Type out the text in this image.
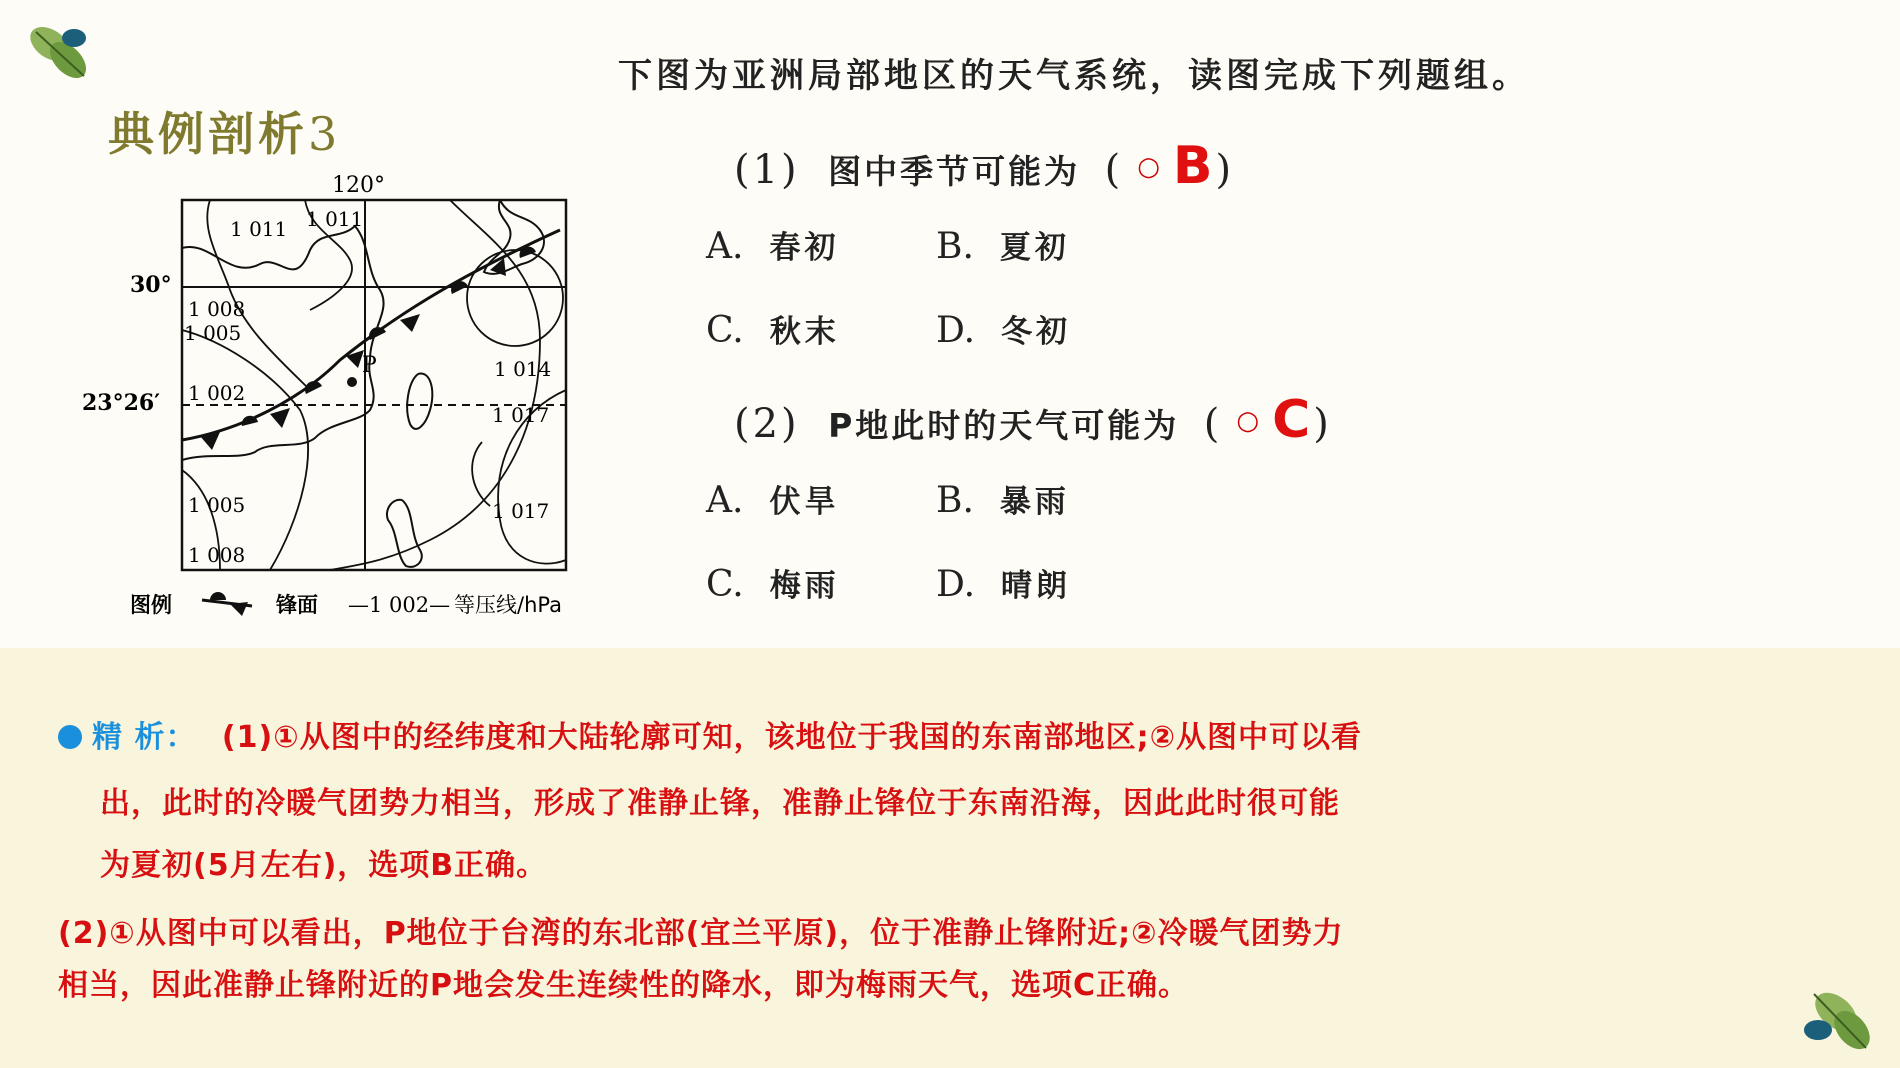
典例剖析3
下图为亚洲局部地区的天气系统，读图完成下列题组。
P
120°
30°
23°26′
1 011 1 011
1 008
1 005
1 002
1 014
1 017
1 017
1 005
1 008
图例	锋面 —1 002— 等压线/hPa
(1) 图中季节可能为 ( ○ B)
A. 春初	B. 夏初
C. 秋末	D. 冬初
(2) P地此时的天气可能为 ( ○ C)
A. 伏旱	B. 暴雨
C. 梅雨	D. 晴朗
精 析： (1)①从图中的经纬度和大陆轮廓可知，该地位于我国的东南部地区;②从图中可以看
出，此时的冷暖气团势力相当，形成了准静止锋，准静止锋位于东南沿海，因此此时很可能
为夏初(5月左右)，选项B正确。
(2)①从图中可以看出，P地位于台湾的东北部(宜兰平原)，位于准静止锋附近;②冷暖气团势力
相当，因此准静止锋附近的P地会发生连续性的降水，即为梅雨天气，选项C正确。
